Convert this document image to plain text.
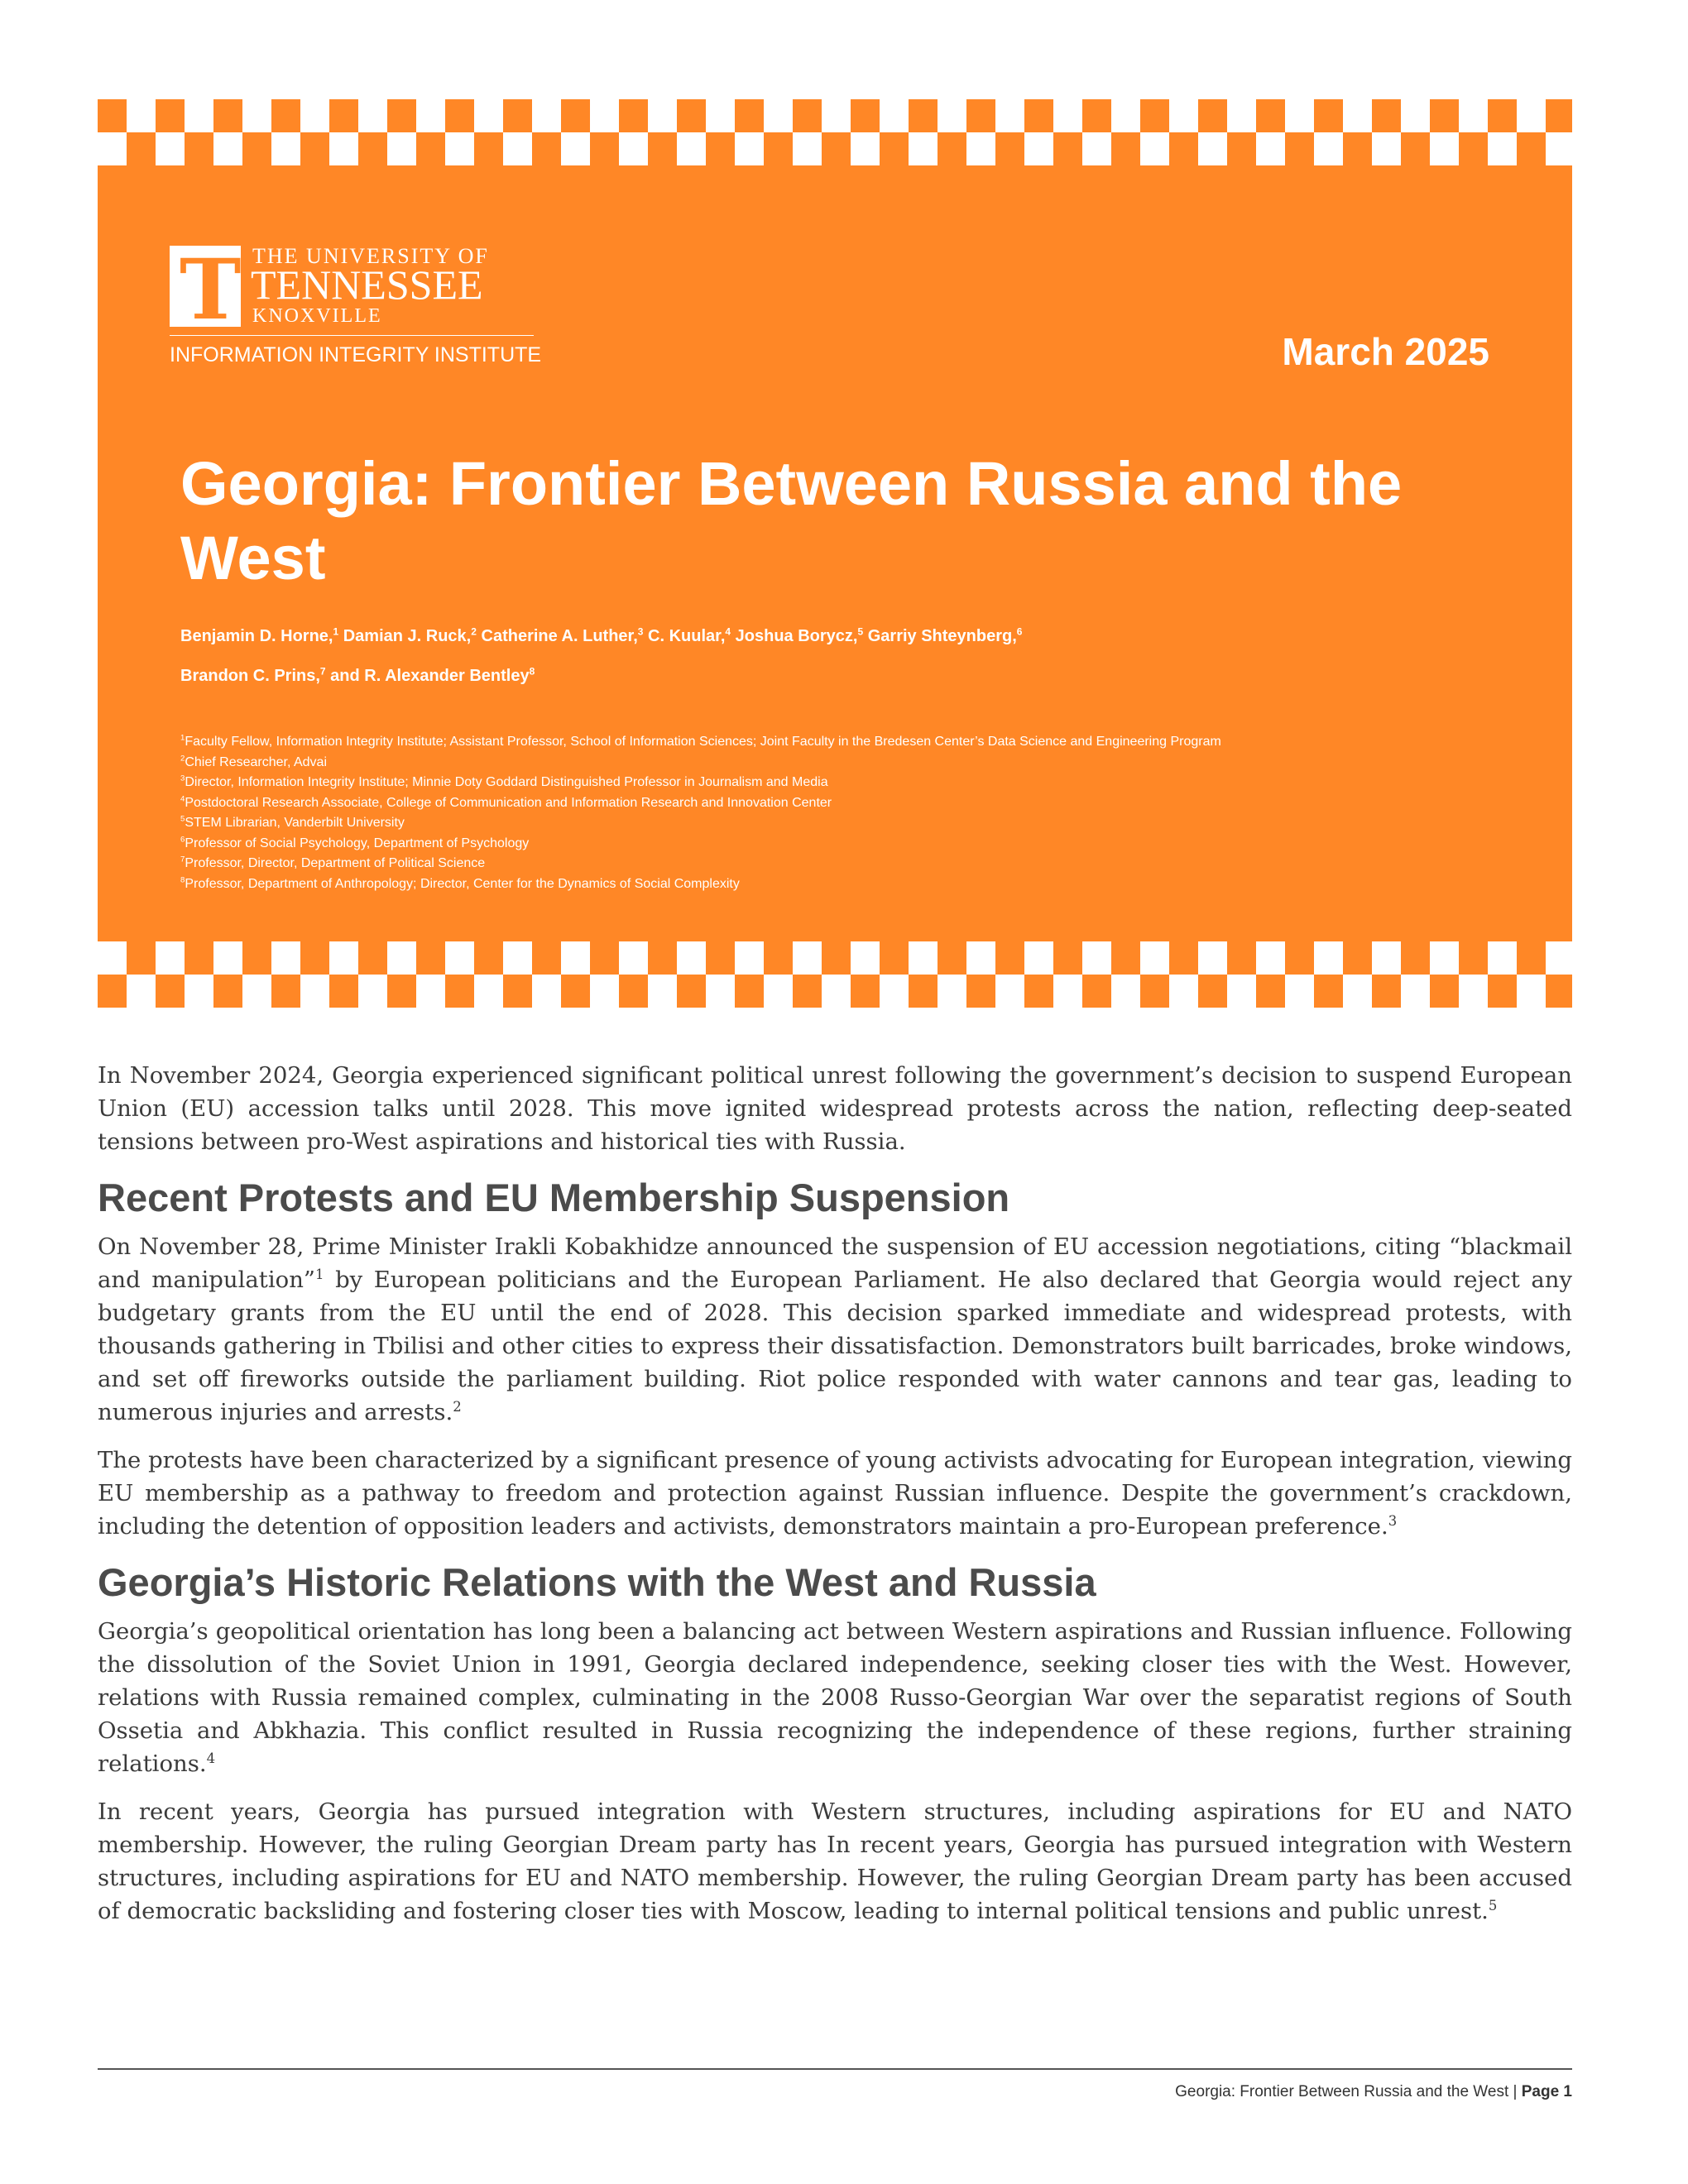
T THE UNIVERSITY OF
TENNESSEE
KNOXVILLE
INFORMATION INTEGRITY INSTITUTE	March 2025
Georgia: Frontier Between Russia and the West
Benjamin D. Horne,$^1$ Damian J. Ruck,$^2$ Catherine A. Luther,$^3$ C. Kuular,$^4$ Joshua Borycz,$^5$ Garriy Shteynberg,$^6$
Brandon C. Prins,$^7$ and R. Alexander Bentley$^8$
$^1$Faculty Fellow, Information Integrity Institute; Assistant Professor, School of Information Sciences; Joint Faculty in the Bredesen Center’s Data Science and Engineering Program
$^2$Chief Researcher, Advai
$^3$Director, Information Integrity Institute; Minnie Doty Goddard Distinguished Professor in Journalism and Media
$^4$Postdoctoral Research Associate, College of Communication and Information Research and Innovation Center
$^5$STEM Librarian, Vanderbilt University
$^6$Professor of Social Psychology, Department of Psychology
$^7$Professor, Director, Department of Political Science
$^8$Professor, Department of Anthropology; Director, Center for the Dynamics of Social Complexity

In November 2024, Georgia experienced significant political unrest following the government’s decision to suspend European Union (EU) accession talks until 2028. This move ignited widespread protests across the nation, reflecting deep-seated tensions between pro-West aspirations and historical ties with Russia.

Recent Protests and EU Membership Suspension

On November 28, Prime Minister Irakli Kobakhidze announced the suspension of EU accession negotiations, citing “blackmail and manipulation”$^1$ by European politicians and the European Parliament. He also declared that Georgia would reject any budgetary grants from the EU until the end of 2028. This decision sparked immediate and widespread protests, with thousands gathering in Tbilisi and other cities to express their dissatisfaction. Demonstrators built barricades, broke windows, and set off fireworks outside the parliament building. Riot police responded with water cannons and tear gas, leading to numerous injuries and arrests.$^2$

The protests have been characterized by a significant presence of young activists advocating for European integration, viewing EU membership as a pathway to freedom and protection against Russian influence. Despite the government’s crackdown, including the detention of opposition leaders and activists, demonstrators maintain a pro-European preference.$^3$

Georgia’s Historic Relations with the West and Russia

Georgia’s geopolitical orientation has long been a balancing act between Western aspirations and Russian influence. Following the dissolution of the Soviet Union in 1991, Georgia declared independence, seeking closer ties with the West. However, relations with Russia remained complex, culminating in the 2008 Russo-Georgian War over the separatist regions of South Ossetia and Abkhazia. This conflict resulted in Russia recognizing the independence of these regions, further straining relations.$^4$

In recent years, Georgia has pursued integration with Western structures, including aspirations for EU and NATO membership. However, the ruling Georgian Dream party has In recent years, Georgia has pursued integration with Western structures, including aspirations for EU and NATO membership. However, the ruling Georgian Dream party has been accused of democratic backsliding and fostering closer ties with Moscow, leading to internal political tensions and public unrest.$^5$

Georgia: Frontier Between Russia and the West | Page 1
